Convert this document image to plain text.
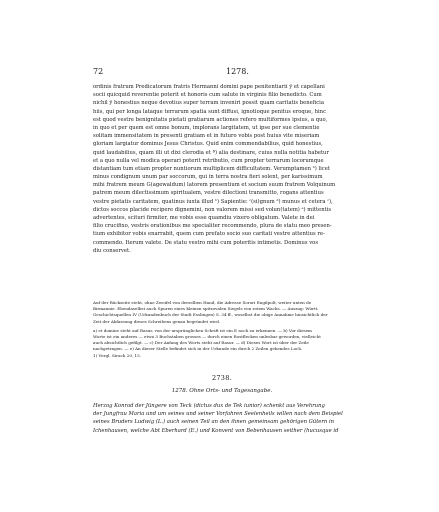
72	1278.
ordinis fratrum Predicatorum fratris Hermanni domini pape penitentiarii ÿ et capellani
socii quicquid reverentie poterit et honoris cum salute in virginis filio benedicto. Cum
nichil ÿ honestius neque devotius super terram inveniri possit quam caritatis beneficia
hiis, qui per longa lataque terrarum spatia sunt diffusi, ignotioque penitus eroque, hinc
est quod vestre benignitatis pietati gratiarum actiones refero multiformes ipsius, a quo,
in quo et per quem est omne bonum, implorans largitatem, ut ipse per sue clementie
solitam immensitatem in presenti gratiam et in futuro vobis post huius vite miseriam
gloriam largiatur dominus Jesus Christus. Quid enim commendabilius, quid honestius,
quid laudabilius, quam illi ut dixi clerodia et ª) alia destinare, cuius nulla notitia habetur
et a quo nulla vel modica operari poterit retributio, cum propter terrarum locorumque
distantiam tum etiam propter nuntiorum multiplicem difficultatem. Verumptamen ᵇ) licet
minus condignum unum par soccorum, qui in terra nostra fieri solent, per karissimum
mihi fratrem meum G(agewaldum) latorem presentium et socium suum fratrem Volquinum
patrem meum dilectissimum spiritualem, vestre dilectioni transmitto, rogans attentius
vestre pietatis caritatem, quatinus iuxta illud ¹) Sapientie: ᶜ(si)gnum ᵈ) munus et cetera ᶜ),
dictos soccos placide recipere dignemini, non valorem missi sed volun(tatem) ᵉ) mittentis
advertentes, scituri firmiter, me vobis esse quamdiu vixero obligatum. Valete in dei
filio crucifixo, vestris orationibus me specialiter recommendo, plura de statu meo presen-
tium exhibitor vobis enarrabit, quem cum prefato socio suo caritati vestre attentius re-
commendo. Iterum valete. De statu vestro mihi cum poteritis intimetis. Dominus vos
diu conservet.
Auf der Rückseite steht, ohne Zweifel von derselben Hand, die Adresse Sorori Engilpolt, weiter unten de
Birmannie. Ebendaselbst auch Spuren eines kleinen spitzovalen Siegels von rotem Wachs. — Auszug: Württ.
Geschichtsquellen IV (Urkundenbuch der Stadt Esslingen) S. 34 ff., woselbst die obige Annahme hinsichtlich der
Zeit der Abfassung dieses Schreibens genau begründet wird.
a) et domine steht auf Rasur, von der ursprünglichen Schrift ist ein E noch zu erkennen. — b) Vor diesem
Worte ist ein anderes — etwa 3 Buchstaben grosses — durch einen Rostflecken unlesbar geworden, vielleicht
auch absichtlich gefilgt. — c) Der Anfang des Worts steht auf Rasur. — d) Dieses Wort ist über der Zeile
nachgetragen. — e) An dieser Stelle befindet sich in der Urkunde ein durch 2 Zeilen gehendes Loch.
1) Vergl. Sirach 20, 15.
2738.
1278. Ohne Orts- und Tagesangabe.
Herzog Konrad der Jüngere von Teck (dictus dux de Tek iunior) schenkt aus Verehrung
der Jungfrau Maria und um seines und seiner Vorfahren Seelenheils willen nach dem Beispiel
seines Bruders Ludwig (L.) auch seinen Teil an den ihnen gemeinsam gehörigen Gütern in
Ichenhausen, welche Abt Eberhard (E.) und Konvent von Bebenhausen seither (hucusque id
